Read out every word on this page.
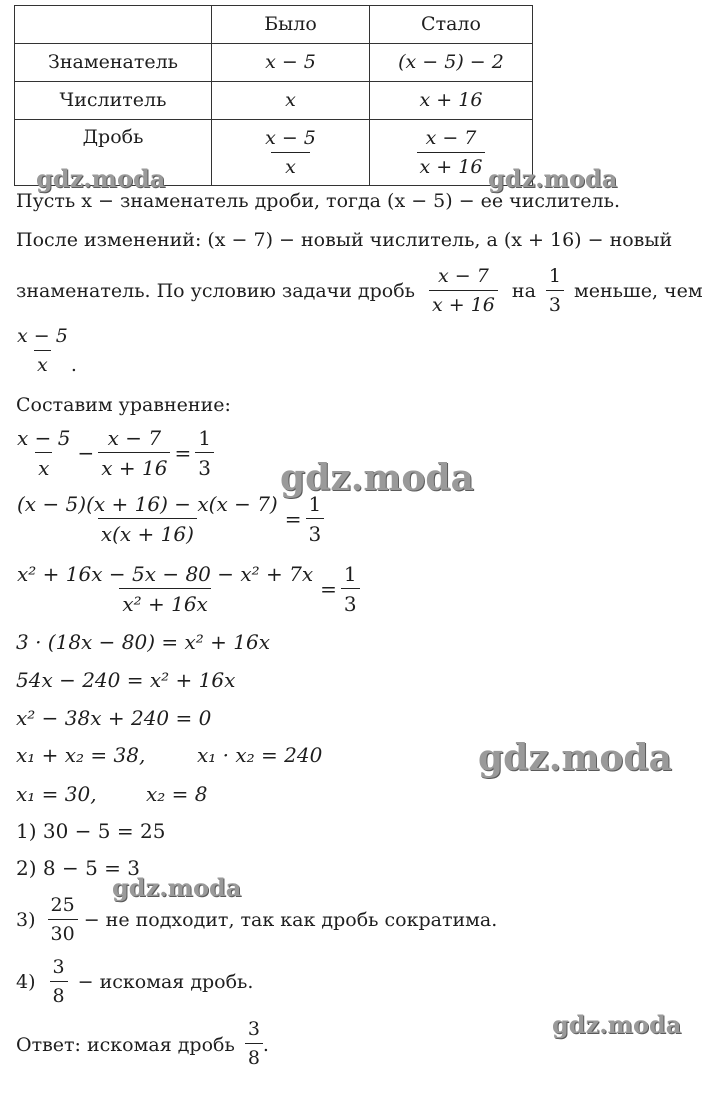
	Было	Стало
Знаменатель	x − 5	(x − 5) − 2
Числитель	x	x + 16
Дробь	$\frac{x - 5}{x}$	$\frac{x - 7}{x + 16}$
Пусть x − знаменатель дроби, тогда (x − 5) − ее числитель.
После изменений: (x − 7) − новый числитель, а (x + 16) − новый
знаменатель. По условию задачи дробь $\frac{x - 7}{x + 16}$ на $\frac{1}{3}$ меньше, чем
$\frac{x - 5}{x}$ .
Составим уравнение:
$\frac{x - 5}{x} - \frac{x - 7}{x + 16} = \frac{1}{3}$
$\frac{(x - 5)(x + 16) - x(x - 7)}{x(x + 16)} = \frac{1}{3}$
$\frac{\text{x² + 16x − 5x − 80 − x² + 7x}}{\text{x² + 16x}} = \frac{1}{3}$
3 · (18x − 80) = x² + 16x
54x − 240 = x² + 16x
x² − 38x + 240 = 0
x₁ + x₂ = 38,	x₁ · x₂ = 240
x₁ = 30, x₂ = 8
1) 30 − 5 = 25
2) 8 − 5 = 3
$3) \frac{25}{30}$ − не подходит, так как дробь сократима.
$4) \frac{3}{8}$ − искомая дробь.
Ответ: искомая дробь $\frac{3}{8}$ .
gdz.moda	gdz.moda
gdz.moda
gdz.moda
gdz.moda
gdz.moda
